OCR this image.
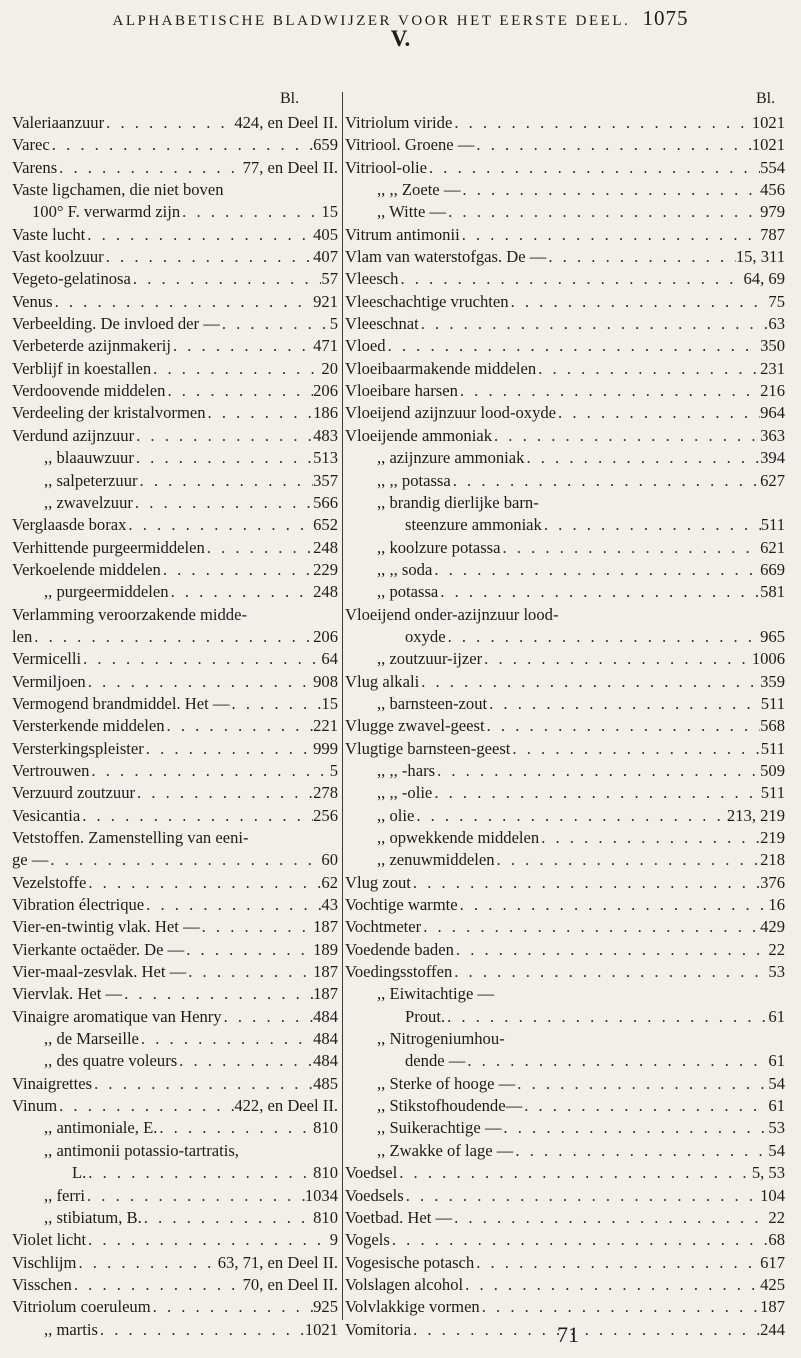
ALPHABETISCHE BLADWIJZER VOOR HET EERSTE DEEL. 1075
V.
Bl.	Bl.
Valeriaanzuur . . .	424, en Deel II.
Varec . . .	659
Varens . . .	77, en Deel II.
Vaste ligchamen, die niet boven
100° F. verwarmd zijn . . .	15
Vaste lucht . . .	405
Vast koolzuur . . .	407
Vegeto-gelatinosa . . .	57
Venus . . .	921
Verbeelding. De invloed der — . . .	5
Verbeterde azijnmakerij . . .	471
Verblijf in koestallen . . .	20
Verdoovende middelen . . .	206
Verdeeling der kristalvormen . . .	186
Verdund azijnzuur . . .	483
,, blaauwzuur . . .	513
,, salpeterzuur . . .	357
,, zwavelzuur . . .	566
Verglaasde borax . . .	652
Verhittende purgeermiddelen . . .	248
Verkoelende middelen . . .	229
,, purgeermiddelen . . .	248
Verlamming veroorzakende midde-
len . . .	206
Vermicelli . . .	64
Vermiljoen . . .	908
Vermogend brandmiddel. Het — . . .	15
Versterkende middelen . . .	221
Versterkingspleister . . .	999
Vertrouwen . . .	5
Verzuurd zoutzuur . . .	278
Vesicantia . . .	256
Vetstoffen. Zamenstelling van eeni-
ge — . . .	60
Vezelstoffe . . .	62
Vibration électrique . . .	43
Vier-en-twintig vlak. Het — . . .	187
Vierkante octaëder. De — . . .	189
Vier-maal-zesvlak. Het — . . .	187
Viervlak. Het — . . .	187
Vinaigre aromatique van Henry . . .	484
,, de Marseille . . .	484
,, des quatre voleurs . . .	484
Vinaigrettes . . .	485
Vinum . . .	422, en Deel II.
,, antimoniale, E. . . .	810
,, antimonii potassio-tartratis,
L. . . .	810
,, ferri . . .	1034
,, stibiatum, B. . . .	810
Violet licht . . .	9
Vischlijm . . .	63, 71, en Deel II.
Visschen . . .	70, en Deel II.
Vitriolum coeruleum . . .	925
,, martis . . .	1021
Vitriolum viride . . .	1021
Vitriool. Groene — . . .	1021
Vitriool-olie . . .	554
,, ,, Zoete — . . .	456
,, Witte — . . .	979
Vitrum antimonii . . .	787
Vlam van waterstofgas. De — . . .	15, 311
Vleesch . . .	64, 69
Vleeschachtige vruchten . . .	75
Vleeschnat . . .	63
Vloed . . .	350
Vloeibaarmakende middelen . . .	231
Vloeibare harsen . . .	216
Vloeijend azijnzuur lood-oxyde . . .	964
Vloeijende ammoniak . . .	363
,, azijnzure ammoniak . . .	394
,, ,, potassa . . .	627
,, brandig dierlijke barn-
steenzure ammoniak . . .	511
,, koolzure potassa . . .	621
,, ,, soda . . .	669
,, potassa . . .	581
Vloeijend onder-azijnzuur lood-
oxyde . . .	965
,, zoutzuur-ijzer . . .	1006
Vlug alkali . . .	359
,, barnsteen-zout . . .	511
Vlugge zwavel-geest . . .	568
Vlugtige barnsteen-geest . . .	511
,, ,, -hars . . .	509
,, ,, -olie . . .	511
,, olie . . .	213, 219
,, opwekkende middelen . . .	219
,, zenuwmiddelen . . .	218
Vlug zout . . .	376
Vochtige warmte . . .	16
Vochtmeter . . .	429
Voedende baden . . .	22
Voedingsstoffen . . .	53
,, Eiwitachtige —
Prout. . . .	61
,, Nitrogeniumhou-
dende — . . .	61
,, Sterke of hooge — . . .	54
,, Stikstofhoudende— . . .	61
,, Suikerachtige — . . .	53
,, Zwakke of lage — . . .	54
Voedsel . . .	5, 53
Voedsels . . .	104
Voetbad. Het — . . .	22
Vogels . . .	68
Vogesische potasch . . .	617
Volslagen alcohol . . .	425
Volvlakkige vormen . . .	187
Vomitoria . . .	244
71
